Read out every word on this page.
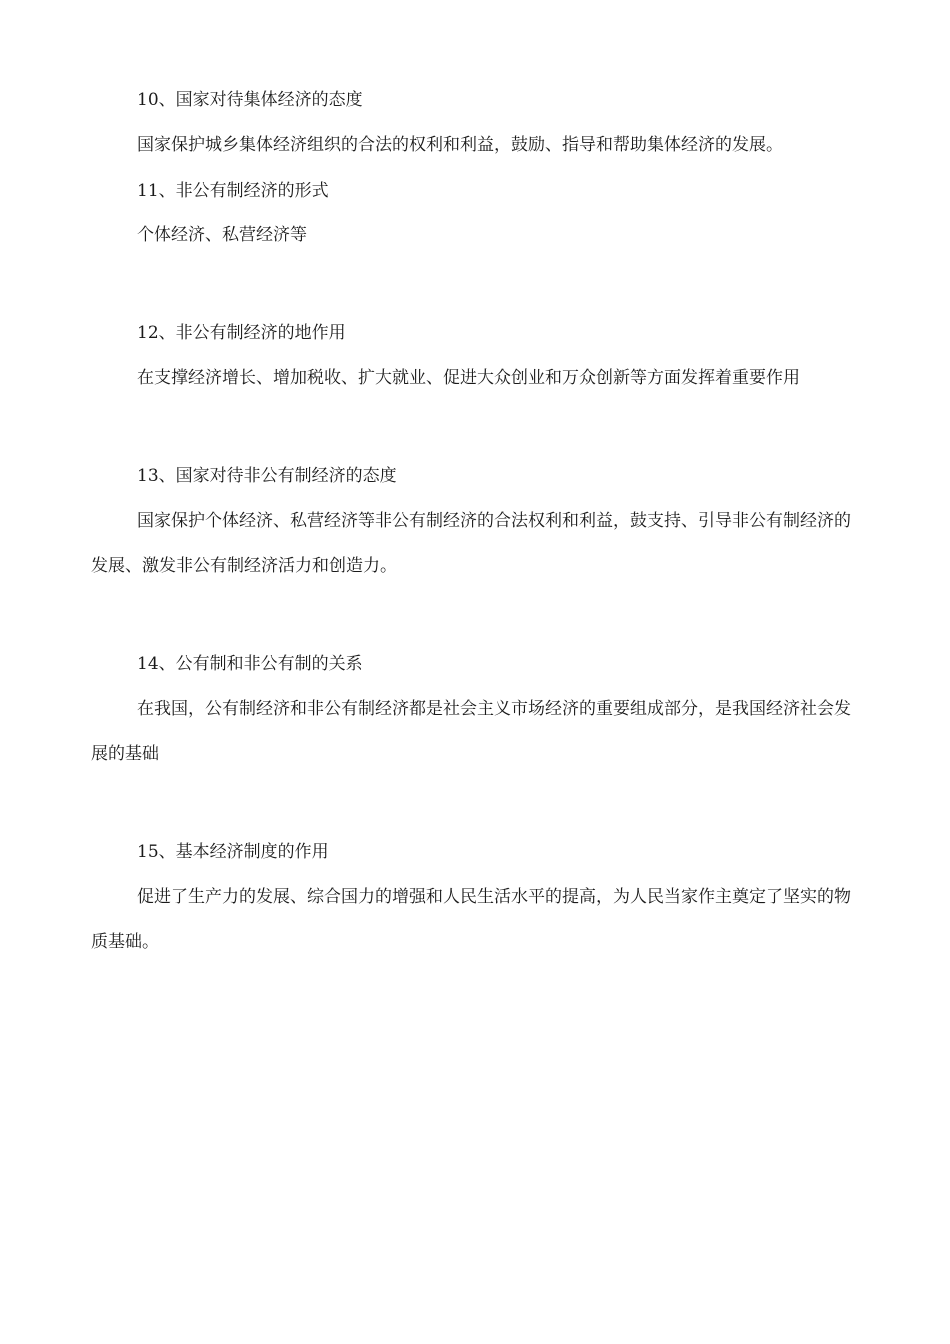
10、国家对待集体经济的态度

国家保护城乡集体经济组织的合法的权利和利益，鼓励、指导和帮助集体经济的发展。

11、非公有制经济的形式

个体经济、私营经济等

12、非公有制经济的地作用

在支撑经济增长、增加税收、扩大就业、促进大众创业和万众创新等方面发挥着重要作用

13、国家对待非公有制经济的态度

国家保护个体经济、私营经济等非公有制经济的合法权利和利益，鼓支持、引导非公有制经济的发展、激发非公有制经济活力和创造力。

14、公有制和非公有制的关系

在我国，公有制经济和非公有制经济都是社会主义市场经济的重要组成部分，是我国经济社会发展的基础

15、基本经济制度的作用

促进了生产力的发展、综合国力的增强和人民生活水平的提高，为人民当家作主奠定了坚实的物质基础。
